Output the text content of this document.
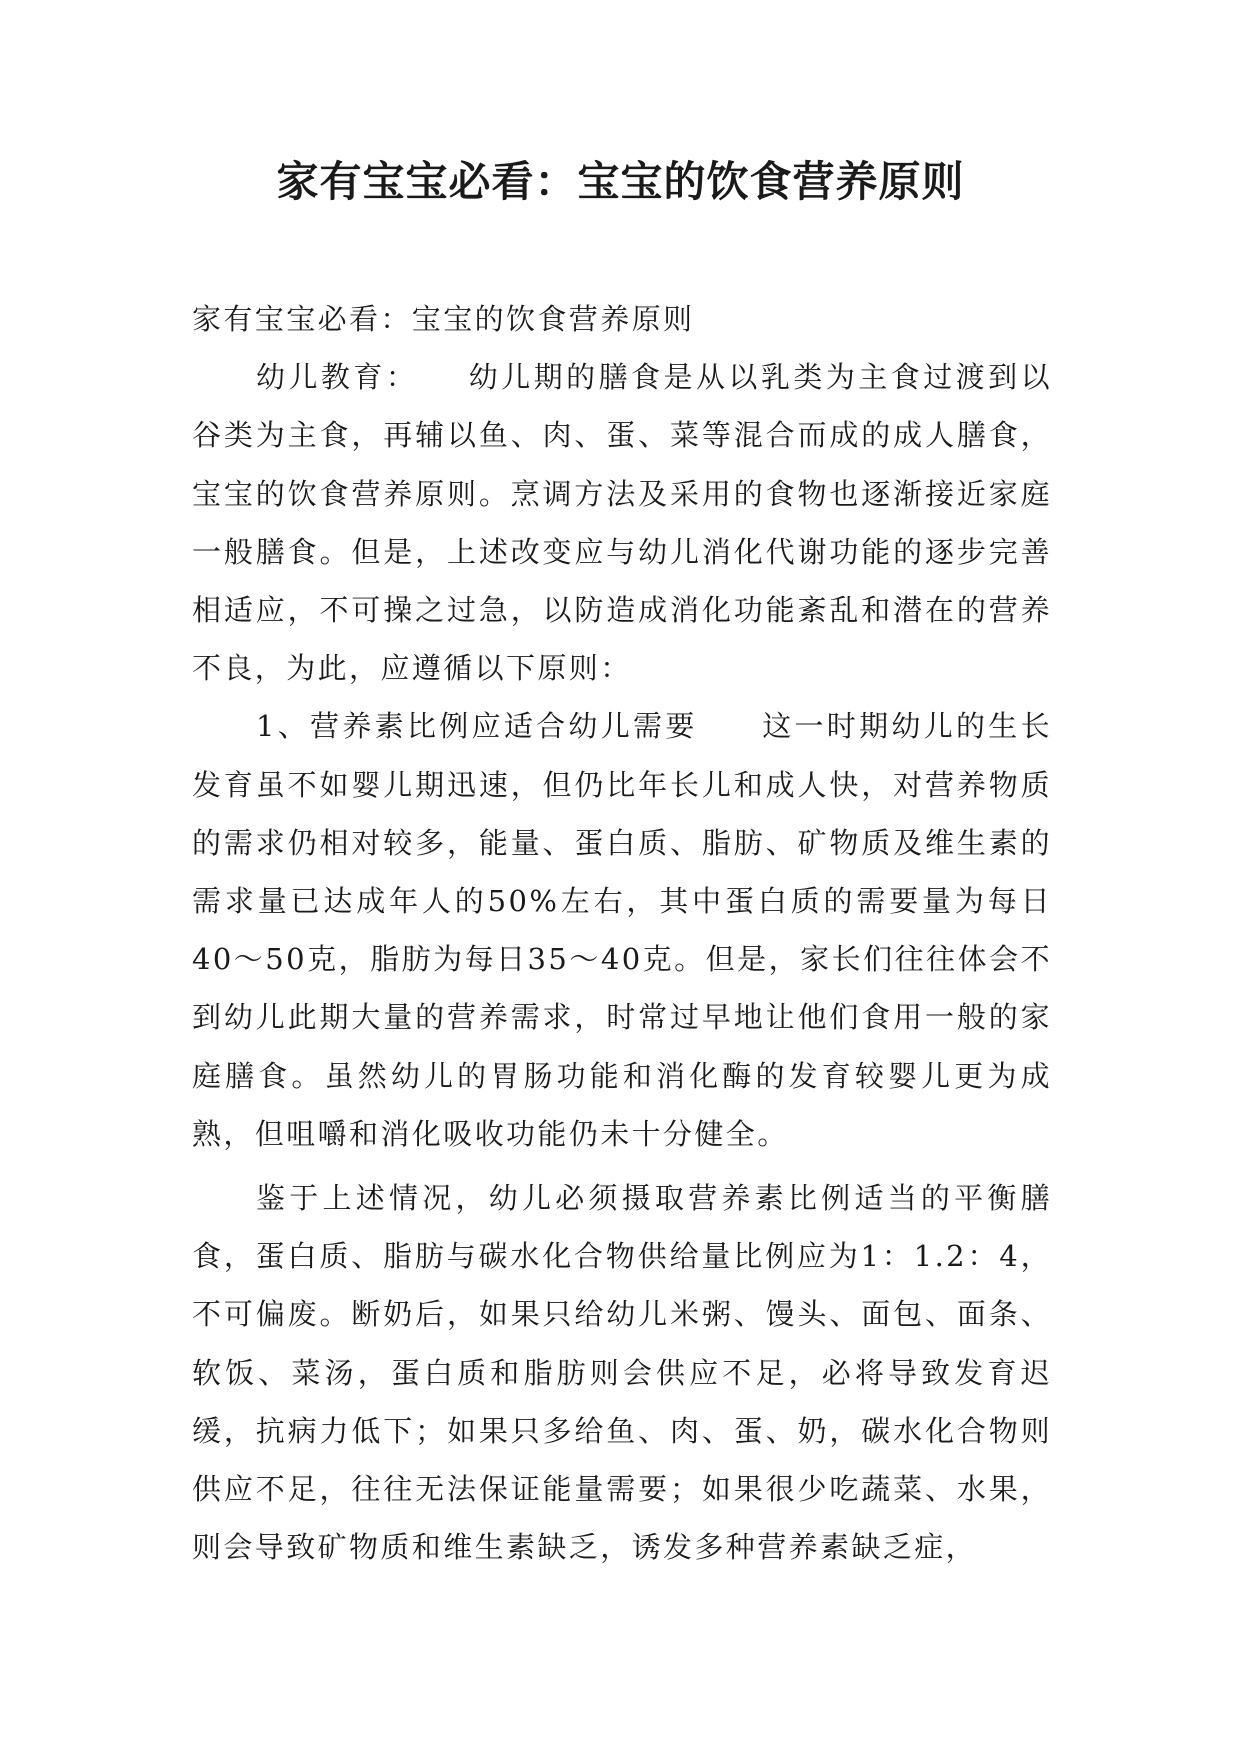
家有宝宝必看：宝宝的饮食营养原则

家有宝宝必看：宝宝的饮食营养原则

幼儿教育：　　幼儿期的膳食是从以乳类为主食过渡到以谷类为主食，再辅以鱼、肉、蛋、菜等混合而成的成人膳食，宝宝的饮食营养原则。烹调方法及采用的食物也逐渐接近家庭一般膳食。但是，上述改变应与幼儿消化代谢功能的逐步完善相适应，不可操之过急，以防造成消化功能紊乱和潜在的营养不良，为此，应遵循以下原则：

1、营养素比例应适合幼儿需要　　这一时期幼儿的生长发育虽不如婴儿期迅速，但仍比年长儿和成人快，对营养物质的需求仍相对较多，能量、蛋白质、脂肪、矿物质及维生素的需求量已达成年人的50%左右，其中蛋白质的需要量为每日40～50克，脂肪为每日35～40克。但是，家长们往往体会不到幼儿此期大量的营养需求，时常过早地让他们食用一般的家庭膳食。虽然幼儿的胃肠功能和消化酶的发育较婴儿更为成熟，但咀嚼和消化吸收功能仍未十分健全。

鉴于上述情况，幼儿必须摄取营养素比例适当的平衡膳食，蛋白质、脂肪与碳水化合物供给量比例应为1：1.2：4，不可偏废。断奶后，如果只给幼儿米粥、馒头、面包、面条、软饭、菜汤，蛋白质和脂肪则会供应不足，必将导致发育迟缓，抗病力低下；如果只多给鱼、肉、蛋、奶，碳水化合物则供应不足，往往无法保证能量需要；如果很少吃蔬菜、水果，则会导致矿物质和维生素缺乏，诱发多种营养素缺乏症，
